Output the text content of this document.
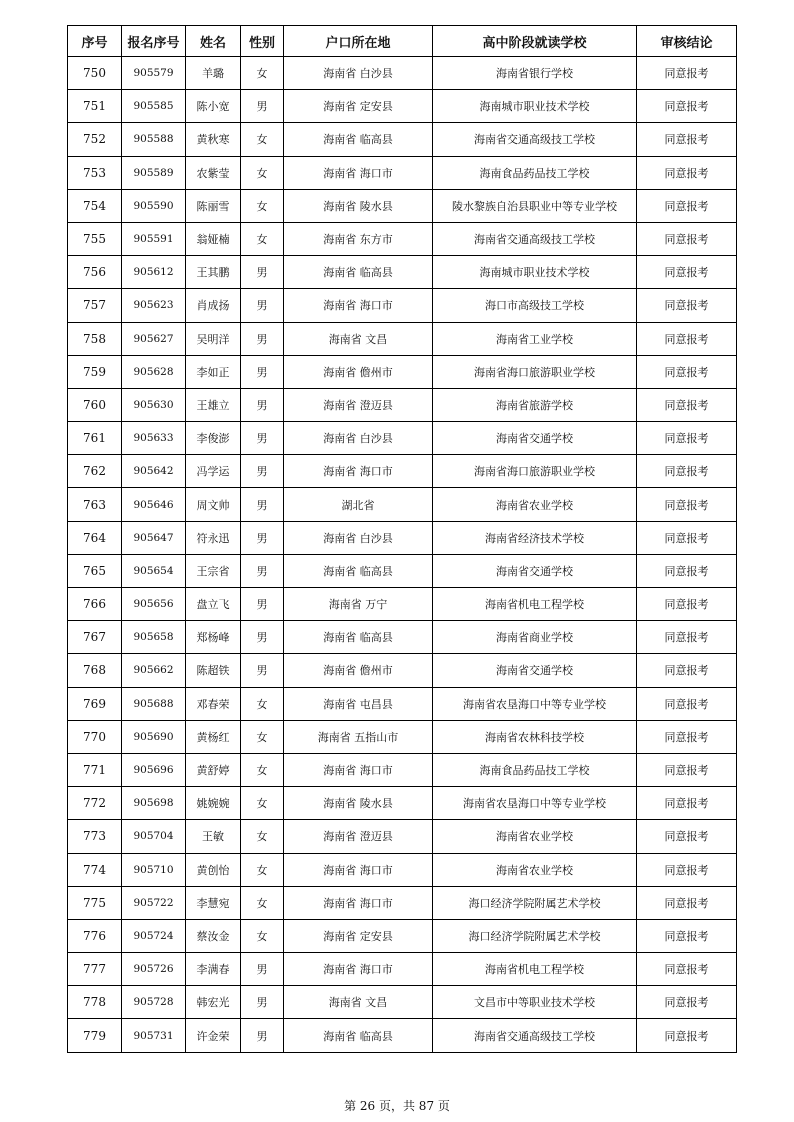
序号	报名序号	姓名	性别	户口所在地	高中阶段就读学校	审核结论
750	905579	羊璐	女	海南省 白沙县	海南省银行学校	同意报考
751	905585	陈小宽	男	海南省 定安县	海南城市职业技术学校	同意报考
752	905588	黄秋寒	女	海南省 临高县	海南省交通高级技工学校	同意报考
753	905589	农紫莹	女	海南省 海口市	海南食品药品技工学校	同意报考
754	905590	陈丽雪	女	海南省 陵水县	陵水黎族自治县职业中等专业学校	同意报考
755	905591	翁娅楠	女	海南省 东方市	海南省交通高级技工学校	同意报考
756	905612	王其鹏	男	海南省 临高县	海南城市职业技术学校	同意报考
757	905623	肖成扬	男	海南省 海口市	海口市高级技工学校	同意报考
758	905627	吴明洋	男	海南省 文昌	海南省工业学校	同意报考
759	905628	李如正	男	海南省 儋州市	海南省海口旅游职业学校	同意报考
760	905630	王雄立	男	海南省 澄迈县	海南省旅游学校	同意报考
761	905633	李俊澎	男	海南省 白沙县	海南省交通学校	同意报考
762	905642	冯学运	男	海南省 海口市	海南省海口旅游职业学校	同意报考
763	905646	周文帅	男	湖北省	海南省农业学校	同意报考
764	905647	符永迅	男	海南省 白沙县	海南省经济技术学校	同意报考
765	905654	王宗省	男	海南省 临高县	海南省交通学校	同意报考
766	905656	盘立飞	男	海南省 万宁	海南省机电工程学校	同意报考
767	905658	郑杨峰	男	海南省 临高县	海南省商业学校	同意报考
768	905662	陈超铁	男	海南省 儋州市	海南省交通学校	同意报考
769	905688	邓春荣	女	海南省 屯昌县	海南省农垦海口中等专业学校	同意报考
770	905690	黄杨红	女	海南省 五指山市	海南省农林科技学校	同意报考
771	905696	黄舒婷	女	海南省 海口市	海南食品药品技工学校	同意报考
772	905698	姚婉婉	女	海南省 陵水县	海南省农垦海口中等专业学校	同意报考
773	905704	王敏	女	海南省 澄迈县	海南省农业学校	同意报考
774	905710	黄创怡	女	海南省 海口市	海南省农业学校	同意报考
775	905722	李慧宛	女	海南省 海口市	海口经济学院附属艺术学校	同意报考
776	905724	蔡汝金	女	海南省 定安县	海口经济学院附属艺术学校	同意报考
777	905726	李满春	男	海南省 海口市	海南省机电工程学校	同意报考
778	905728	韩宏光	男	海南省 文昌	文昌市中等职业技术学校	同意报考
779	905731	许金荣	男	海南省 临高县	海南省交通高级技工学校	同意报考
第 26 页，共 87 页
